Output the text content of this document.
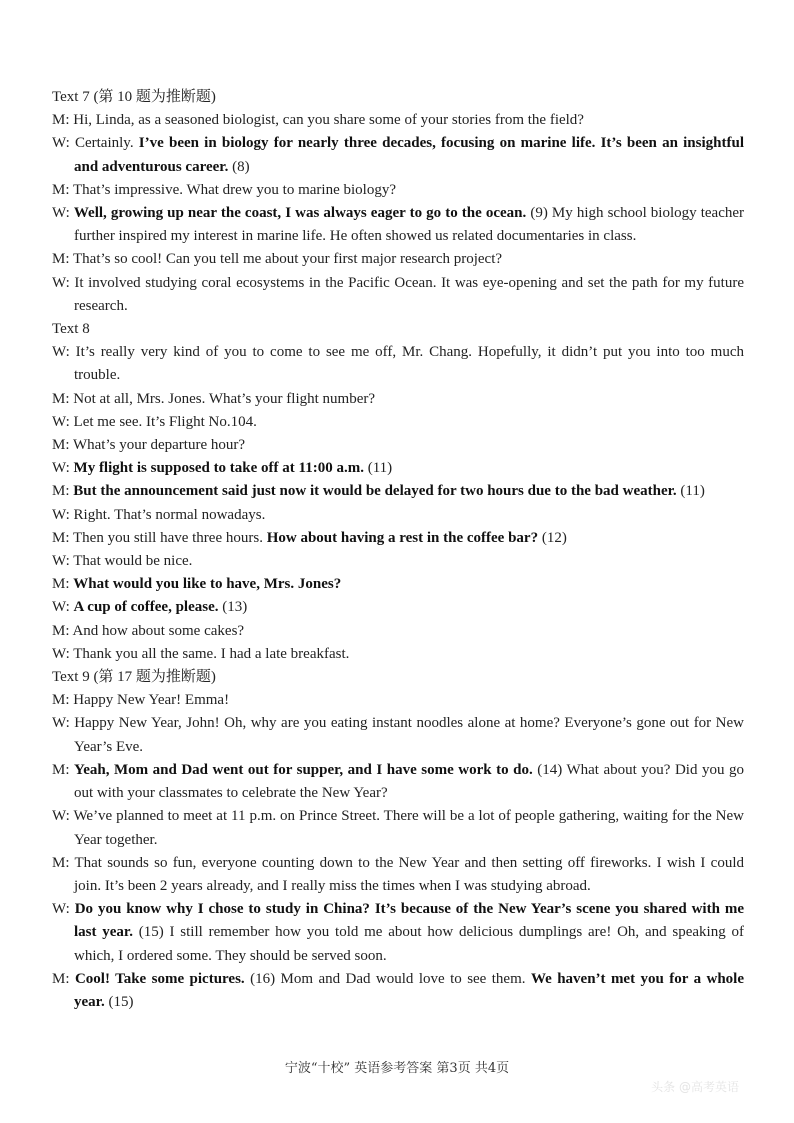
Text 7 (第 10 题为推断题)

M: Hi, Linda, as a seasoned biologist, can you share some of your stories from the field?

W: Certainly. I’ve been in biology for nearly three decades, focusing on marine life. It’s been an insightful and adventurous career. (8)

M: That’s impressive. What drew you to marine biology?

W: Well, growing up near the coast, I was always eager to go to the ocean. (9) My high school biology teacher further inspired my interest in marine life. He often showed us related documentaries in class.

M: That’s so cool! Can you tell me about your first major research project?

W: It involved studying coral ecosystems in the Pacific Ocean. It was eye-opening and set the path for my future research.

Text 8

W: It’s really very kind of you to come to see me off, Mr. Chang. Hopefully, it didn’t put you into too much trouble.

M: Not at all, Mrs. Jones. What’s your flight number?

W: Let me see. It’s Flight No.104.

M: What’s your departure hour?

W: My flight is supposed to take off at 11:00 a.m. (11)

M: But the announcement said just now it would be delayed for two hours due to the bad weather. (11)

W: Right. That’s normal nowadays.

M: Then you still have three hours. How about having a rest in the coffee bar? (12)

W: That would be nice.

M: What would you like to have, Mrs. Jones?

W: A cup of coffee, please. (13)

M: And how about some cakes?

W: Thank you all the same. I had a late breakfast.

Text 9 (第 17 题为推断题)

M: Happy New Year! Emma!

W: Happy New Year, John! Oh, why are you eating instant noodles alone at home? Everyone’s gone out for New Year’s Eve.

M: Yeah, Mom and Dad went out for supper, and I have some work to do. (14) What about you? Did you go out with your classmates to celebrate the New Year?

W: We’ve planned to meet at 11 p.m. on Prince Street. There will be a lot of people gathering, waiting for the New Year together.

M: That sounds so fun, everyone counting down to the New Year and then setting off fireworks. I wish I could join. It’s been 2 years already, and I really miss the times when I was studying abroad.

W: Do you know why I chose to study in China? It’s because of the New Year’s scene you shared with me last year. (15) I still remember how you told me about how delicious dumplings are! Oh, and speaking of which, I ordered some. They should be served soon.

M: Cool! Take some pictures. (16) Mom and Dad would love to see them. We haven’t met you for a whole year. (15)

宁波“十校” 英语参考答案 第3页 共4页
头条 @高考英语
